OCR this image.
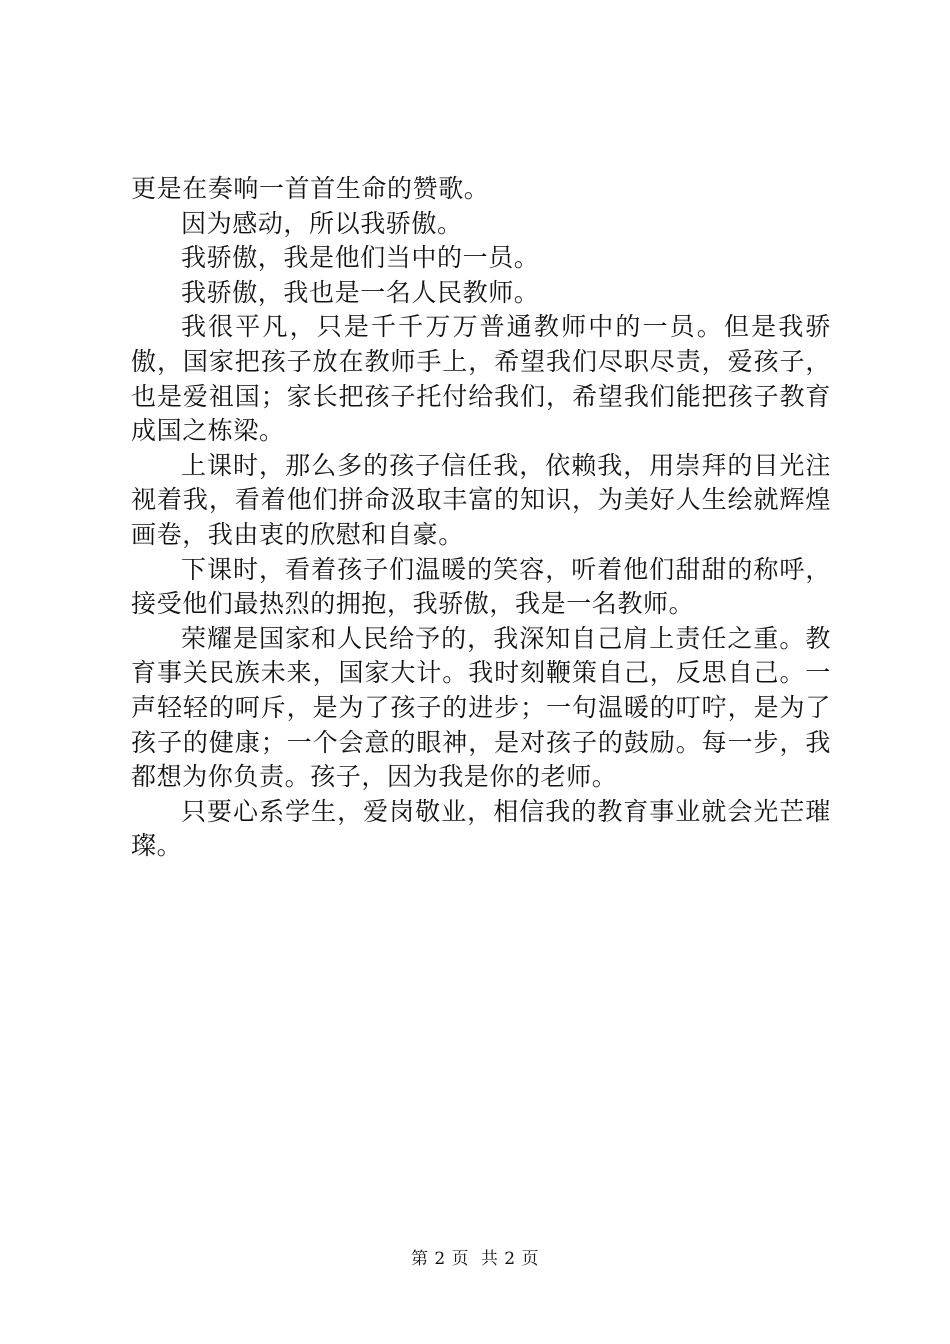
更是在奏响一首首生命的赞歌。

因为感动，所以我骄傲。

我骄傲，我是他们当中的一员。

我骄傲，我也是一名人民教师。

我很平凡，只是千千万万普通教师中的一员。但是我骄傲，国家把孩子放在教师手上，希望我们尽职尽责，爱孩子，也是爱祖国；家长把孩子托付给我们，希望我们能把孩子教育成国之栋梁。

上课时，那么多的孩子信任我，依赖我，用崇拜的目光注视着我，看着他们拼命汲取丰富的知识，为美好人生绘就辉煌画卷，我由衷的欣慰和自豪。

下课时，看着孩子们温暖的笑容，听着他们甜甜的称呼，接受他们最热烈的拥抱，我骄傲，我是一名教师。

荣耀是国家和人民给予的，我深知自己肩上责任之重。教育事关民族未来，国家大计。我时刻鞭策自己，反思自己。一声轻轻的呵斥，是为了孩子的进步；一句温暖的叮咛，是为了孩子的健康；一个会意的眼神，是对孩子的鼓励。每一步，我都想为你负责。孩子，因为我是你的老师。

只要心系学生，爱岗敬业，相信我的教育事业就会光芒璀璨。

第 2 页  共 2 页
